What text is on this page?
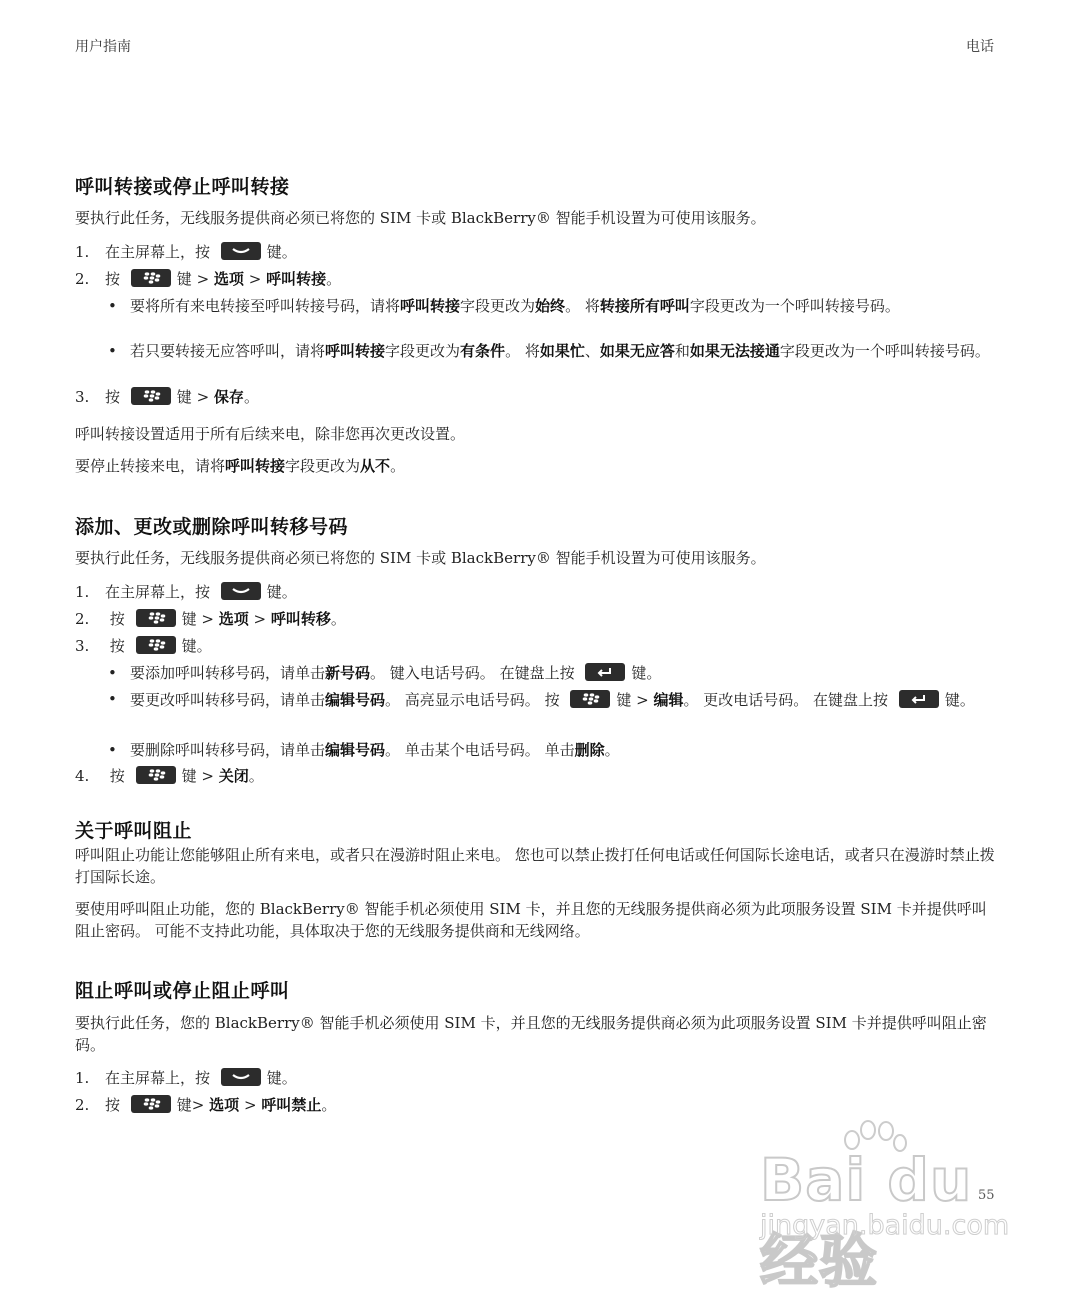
用户指南	电话
呼叫转接或停止呼叫转接
要执行此任务，无线服务提供商必须已将您的 SIM 卡或 BlackBerry® 智能手机设置为可使用该服务。
1. 在主屏幕上，按	键。
2. 按	键 > 选项 > 呼叫转接。
• 要将所有来电转接至呼叫转接号码，请将呼叫转接字段更改为始终。 将转接所有呼叫字段更改为一个呼叫转接号码。
• 若只要转接无应答呼叫，请将呼叫转接字段更改为有条件。 将如果忙、如果无应答和如果无法接通字段更改为一个呼叫转接号码。
3. 按	键 > 保存。
呼叫转接设置适用于所有后续来电，除非您再次更改设置。
要停止转接来电，请将呼叫转接字段更改为从不。
添加、更改或删除呼叫转移号码
要执行此任务，无线服务提供商必须已将您的 SIM 卡或 BlackBerry® 智能手机设置为可使用该服务。
1. 在主屏幕上，按	键。
2. 按	键 > 选项 > 呼叫转移。
3. 按	键。
• 要添加呼叫转移号码，请单击新号码。 键入电话号码。 在键盘上按	键。
• 要更改呼叫转移号码，请单击编辑号码。 高亮显示电话号码。 按	键 > 编辑。 更改电话号码。 在键盘上按	键。
• 要删除呼叫转移号码，请单击编辑号码。 单击某个电话号码。 单击删除。
4. 按	键 > 关闭。
关于呼叫阻止
呼叫阻止功能让您能够阻止所有来电，或者只在漫游时阻止来电。 您也可以禁止拨打任何电话或任何国际长途电话，或者只在漫游时禁止拨打国际长途。
要使用呼叫阻止功能，您的 BlackBerry® 智能手机必须使用 SIM 卡，并且您的无线服务提供商必须为此项服务设置 SIM 卡并提供呼叫阻止密码。 可能不支持此功能，具体取决于您的无线服务提供商和无线网络。
阻止呼叫或停止阻止呼叫
要执行此任务，您的 BlackBerry® 智能手机必须使用 SIM 卡，并且您的无线服务提供商必须为此项服务设置 SIM 卡并提供呼叫阻止密码。
1. 在主屏幕上，按	键。
2. 按	键> 选项 > 呼叫禁止。
Bai du 经验
jingyan.baidu.com
55
